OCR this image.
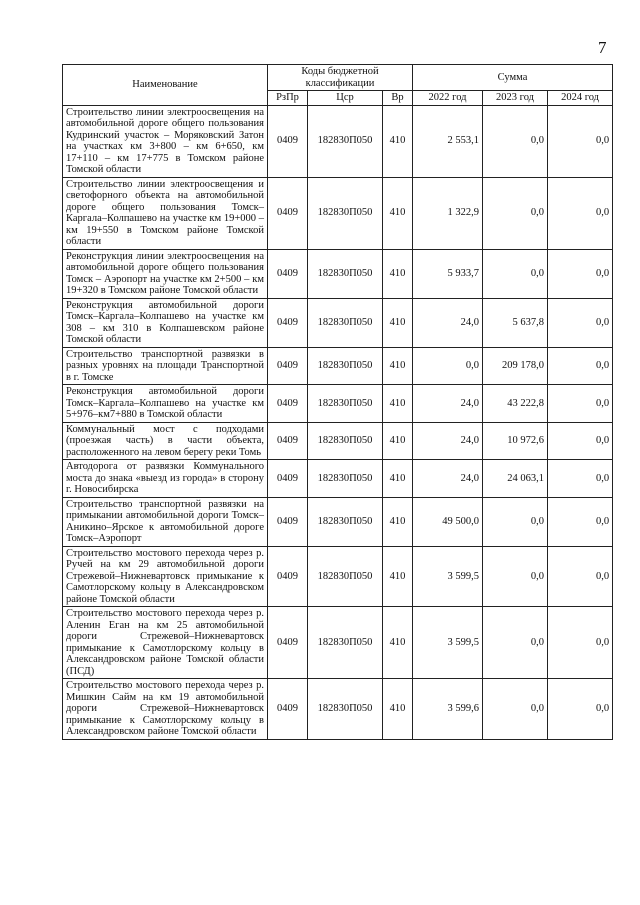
7
Наименование	Коды бюджетной классификации			Сумма		
	РзПр	Цср	Вр	2022 год	2023 год	2024 год
Строительство линии электроосвещения на автомобильной дороге общего пользования Кудринский участок – Моряковский Затон на участках км 3+800 – км 6+650, км 17+110 – км 17+775 в Томском районе Томской области	0409	182830П050	410	2 553,1	0,0	0,0
Строительство линии электроосвещения и светофорного объекта на автомобильной дороге общего пользования Томск–Каргала–Колпашево на участке км 19+000 – км 19+550 в Томском районе Томской области	0409	182830П050	410	1 322,9	0,0	0,0
Реконструкция линии электроосвещения на автомобильной дороге общего пользования Томск – Аэропорт на участке км 2+500 – км 19+320 в Томском районе Томской области	0409	182830П050	410	5 933,7	0,0	0,0
Реконструкция автомобильной дороги Томск–Каргала–Колпашево на участке км 308 – км 310 в Колпашевском районе Томской области	0409	182830П050	410	24,0	5 637,8	0,0
Строительство транспортной развязки в разных уровнях на площади Транспортной в г. Томске	0409	182830П050	410	0,0	209 178,0	0,0
Реконструкция автомобильной дороги Томск–Каргала–Колпашево на участке км 5+976–км7+880 в Томской области	0409	182830П050	410	24,0	43 222,8	0,0
Коммунальный мост с подходами (проезжая часть) в части объекта, расположенного на левом берегу реки Томь	0409	182830П050	410	24,0	10 972,6	0,0
Автодорога от развязки Коммунального моста до знака «выезд из города» в сторону г. Новосибирска	0409	182830П050	410	24,0	24 063,1	0,0
Строительство транспортной развязки на примыкании автомобильной дороги Томск–Аникино–Ярское к автомобильной дороге Томск–Аэропорт	0409	182830П050	410	49 500,0	0,0	0,0
Строительство мостового перехода через р. Ручей на км 29 автомобильной дороги Стрежевой–Нижневартовск примыкание к Самотлорскому кольцу в Александровском районе Томской области	0409	182830П050	410	3 599,5	0,0	0,0
Строительство мостового перехода через р. Аленин Еган на км 25 автомобильной дороги Стрежевой–Нижневартовск примыкание к Самотлорскому кольцу в Александровском районе Томской области (ПСД)	0409	182830П050	410	3 599,5	0,0	0,0
Строительство мостового перехода через р. Мишкин Сайм на км 19 автомобильной дороги Стрежевой–Нижневартовск примыкание к Самотлорскому кольцу в Александровском районе Томской области	0409	182830П050	410	3 599,6	0,0	0,0
